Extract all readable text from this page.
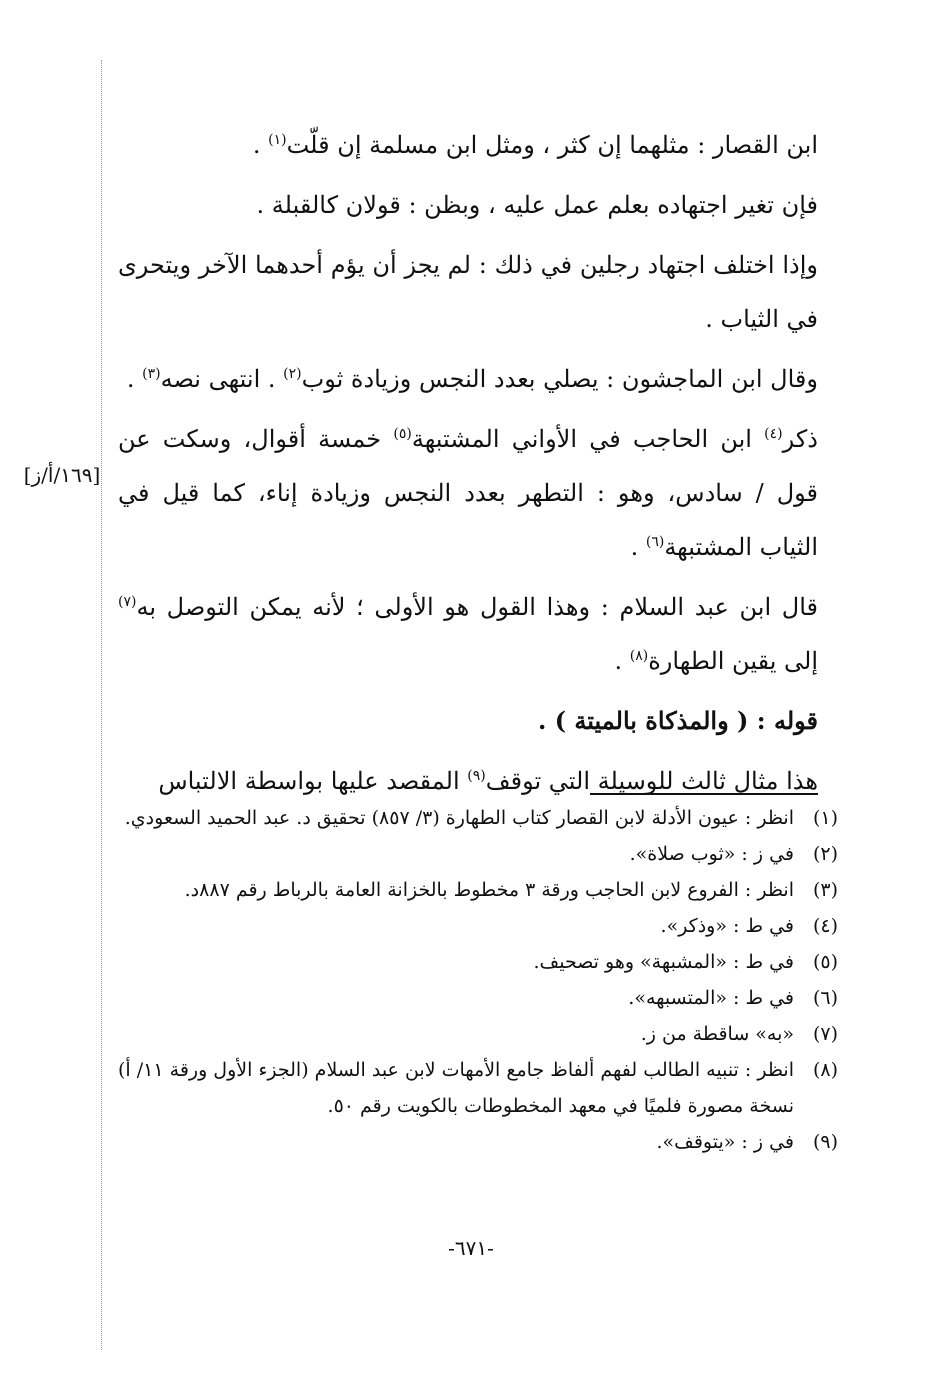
[١٦٩/أ/ز]

ابن القصار : مثلهما إن كثر ، ومثل ابن مسلمة إن قلّت$^{(١)}$ .

فإن تغير اجتهاده بعلم عمل عليه ، وبظن : قولان كالقبلة .

وإذا اختلف اجتهاد رجلين في ذلك : لم يجز أن يؤم أحدهما الآخر ويتحرى في الثياب .

وقال ابن الماجشون : يصلي بعدد النجس وزيادة ثوب$^{(٢)}$ . انتهى نصه$^{(٣)}$ .

ذكر$^{(٤)}$ ابن الحاجب في الأواني المشتبهة$^{(٥)}$ خمسة أقوال، وسكت عن قول / سادس، وهو : التطهر بعدد النجس وزيادة إناء، كما قيل في الثياب المشتبهة$^{(٦)}$ .

قال ابن عبد السلام : وهذا القول هو الأولى ؛ لأنه يمكن التوصل به$^{(٧)}$ إلى يقين الطهارة$^{(٨)}$ .

قوله : ( والمذكاة بالميتة ) .

هذا مثال ثالث للوسيلة التي توقف$^{(٩)}$ المقصد عليها بواسطة الالتباس

(١)
انظر : عيون الأدلة لابن القصار كتاب الطهارة (٣/ ٨٥٧) تحقيق د. عبد الحميد السعودي.
(٢)
في ز : «ثوب صلاة».
(٣)
انظر : الفروع لابن الحاجب ورقة ٣ مخطوط بالخزانة العامة بالرباط رقم ٨٨٧د.
(٤)
في ط : «وذكر».
(٥)
في ط : «المشبهة» وهو تصحيف.
(٦)
في ط : «المتسبهه».
(٧)
«به» ساقطة من ز.
(٨)
انظر : تنبيه الطالب لفهم ألفاظ جامع الأمهات لابن عبد السلام (الجزء الأول ورقة ١١/ أ) نسخة مصورة فلميًا في معهد المخطوطات بالكويت رقم ٥٠.
(٩)
في ز : «يتوقف».
-٦٧١-
